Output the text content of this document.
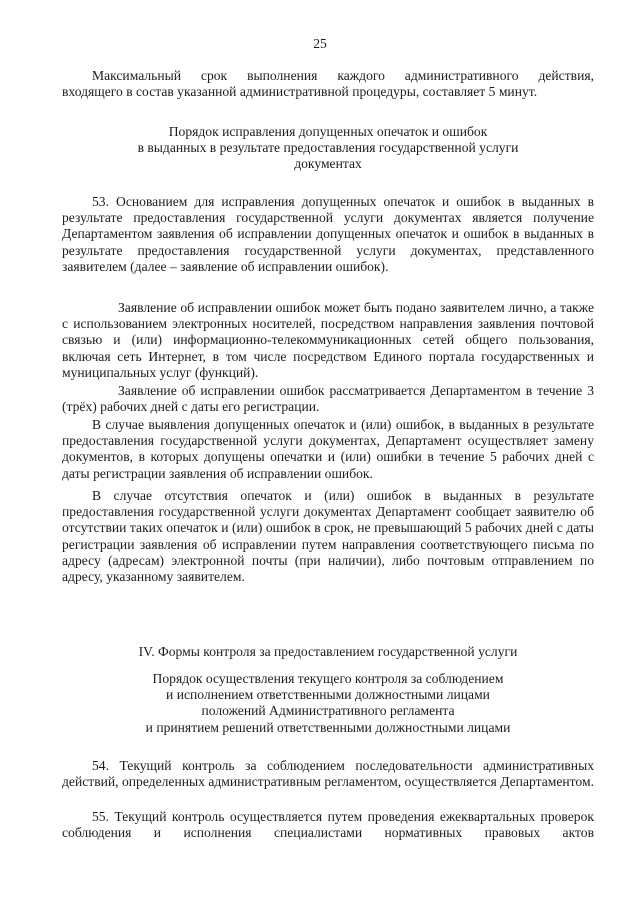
25

Максимальный срок выполнения каждого административного действия,

входящего в состав указанной административной процедуры, составляет 5 минут.

Порядок исправления допущенных опечаток и ошибок

в выданных в результате предоставления государственной услуги

документах

53. Основанием для исправления допущенных опечаток и ошибок в выданных в результате предоставления государственной услуги документах является получение Департаментом заявления об исправлении допущенных опечаток и ошибок в выданных в результате предоставления государственной услуги документах, представленного заявителем (далее – заявление об исправлении ошибок).

Заявление об исправлении ошибок может быть подано заявителем лично, а также с использованием электронных носителей, посредством направления заявления почтовой связью и (или) информационно-телекоммуникационных сетей общего пользования, включая сеть Интернет, в том числе посредством Единого портала государственных и муниципальных услуг (функций).

Заявление об исправлении ошибок рассматривается Департаментом в течение 3 (трёх) рабочих дней с даты его регистрации.

В случае выявления допущенных опечаток и (или) ошибок, в выданных в результате предоставления государственной услуги документах, Департамент осуществляет замену документов, в которых допущены опечатки и (или) ошибки в течение 5 рабочих дней с даты регистрации заявления об исправлении ошибок.

В случае отсутствия опечаток и (или) ошибок в выданных в результате предоставления государственной услуги документах Департамент сообщает заявителю об отсутствии таких опечаток и (или) ошибок в срок, не превышающий 5 рабочих дней с даты регистрации заявления об исправлении путем направления соответствующего письма по адресу (адресам) электронной почты (при наличии), либо почтовым отправлением по адресу, указанному заявителем.

IV. Формы контроля за предоставлением государственной услуги

Порядок осуществления текущего контроля за соблюдением

и исполнением ответственными должностными лицами

положений Административного регламента

и принятием решений ответственными должностными лицами

54. Текущий контроль за соблюдением последовательности административных действий, определенных административным регламентом, осуществляется Департаментом.

55. Текущий контроль осуществляется путем проведения ежеквартальных проверок соблюдения и исполнения специалистами нормативных правовых актов
